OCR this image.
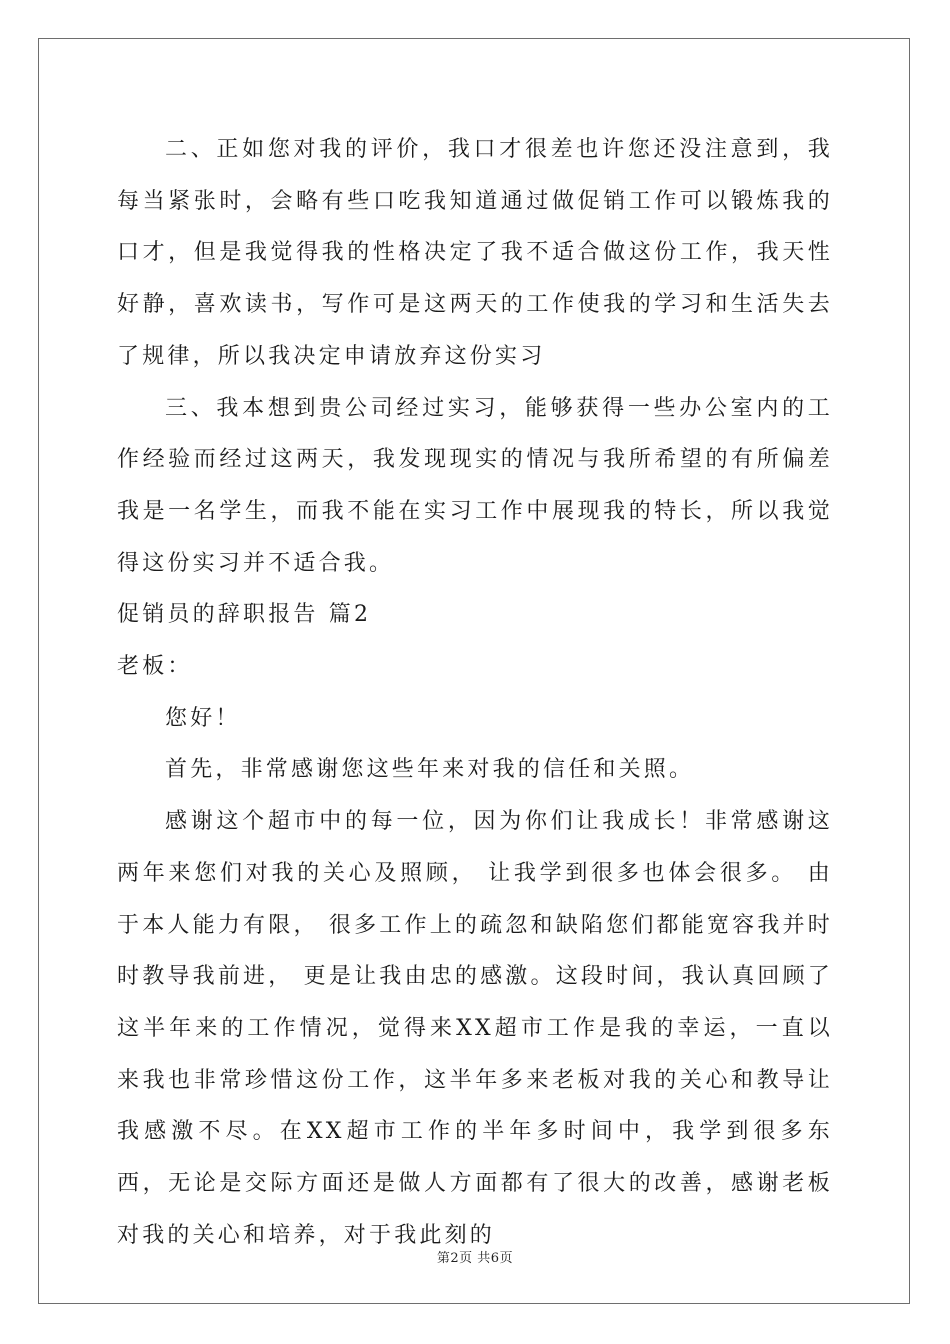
二、正如您对我的评价，我口才很差也许您还没注意到，我每当紧张时，会略有些口吃我知道通过做促销工作可以锻炼我的口才，但是我觉得我的性格决定了我不适合做这份工作，我天性好静，喜欢读书，写作可是这两天的工作使我的学习和生活失去了规律，所以我决定申请放弃这份实习

三、我本想到贵公司经过实习，能够获得一些办公室内的工作经验而经过这两天，我发现现实的情况与我所希望的有所偏差我是一名学生，而我不能在实习工作中展现我的特长，所以我觉得这份实习并不适合我。

促销员的辞职报告 篇2

老板：

您好！

首先，非常感谢您这些年来对我的信任和关照。

感谢这个超市中的每一位，因为你们让我成长！非常感谢这两年来您们对我的关心及照顾， 让我学到很多也体会很多。 由于本人能力有限， 很多工作上的疏忽和缺陷您们都能宽容我并时时教导我前进， 更是让我由忠的感激。这段时间，我认真回顾了这半年来的工作情况，觉得来XX超市工作是我的幸运，一直以来我也非常珍惜这份工作，这半年多来老板对我的关心和教导让我感激不尽。在XX超市工作的半年多时间中，我学到很多东西，无论是交际方面还是做人方面都有了很大的改善，感谢老板对我的关心和培养，对于我此刻的

第2页 共6页
